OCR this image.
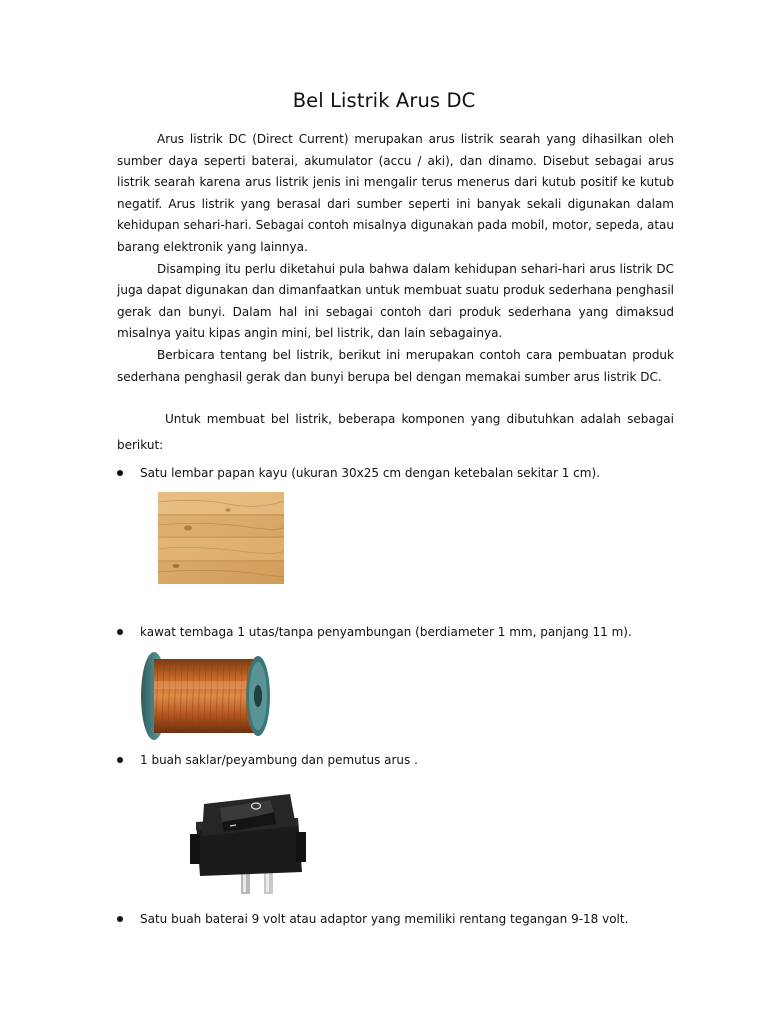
Bel Listrik Arus DC

Arus listrik DC (Direct Current) merupakan arus listrik searah yang dihasilkan oleh sumber daya seperti baterai, akumulator (accu / aki), dan dinamo. Disebut sebagai arus listrik searah karena arus listrik jenis ini mengalir terus menerus dari kutub positif ke kutub negatif. Arus listrik yang berasal dari sumber seperti ini banyak sekali digunakan dalam kehidupan sehari-hari. Sebagai contoh misalnya digunakan pada mobil, motor, sepeda, atau barang elektronik yang lainnya.

Disamping itu perlu diketahui pula bahwa dalam kehidupan sehari-hari arus listrik DC juga dapat digunakan dan dimanfaatkan untuk membuat suatu produk sederhana penghasil gerak dan bunyi. Dalam hal ini sebagai contoh dari produk sederhana yang dimaksud misalnya yaitu kipas angin mini, bel listrik, dan lain sebagainya.

Berbicara tentang bel listrik, berikut ini merupakan contoh cara pembuatan produk sederhana penghasil gerak dan bunyi berupa bel dengan memakai sumber arus listrik DC.

Untuk membuat bel listrik, beberapa komponen yang dibutuhkan adalah sebagai berikut:
Satu lembar papan kayu (ukuran 30x25 cm dengan ketebalan sekitar 1 cm).
kawat tembaga 1 utas/tanpa penyambungan (berdiameter 1 mm, panjang 11 m).
1 buah saklar/peyambung dan pemutus arus .
Satu buah baterai 9 volt atau adaptor yang memiliki rentang tegangan 9-18 volt.
